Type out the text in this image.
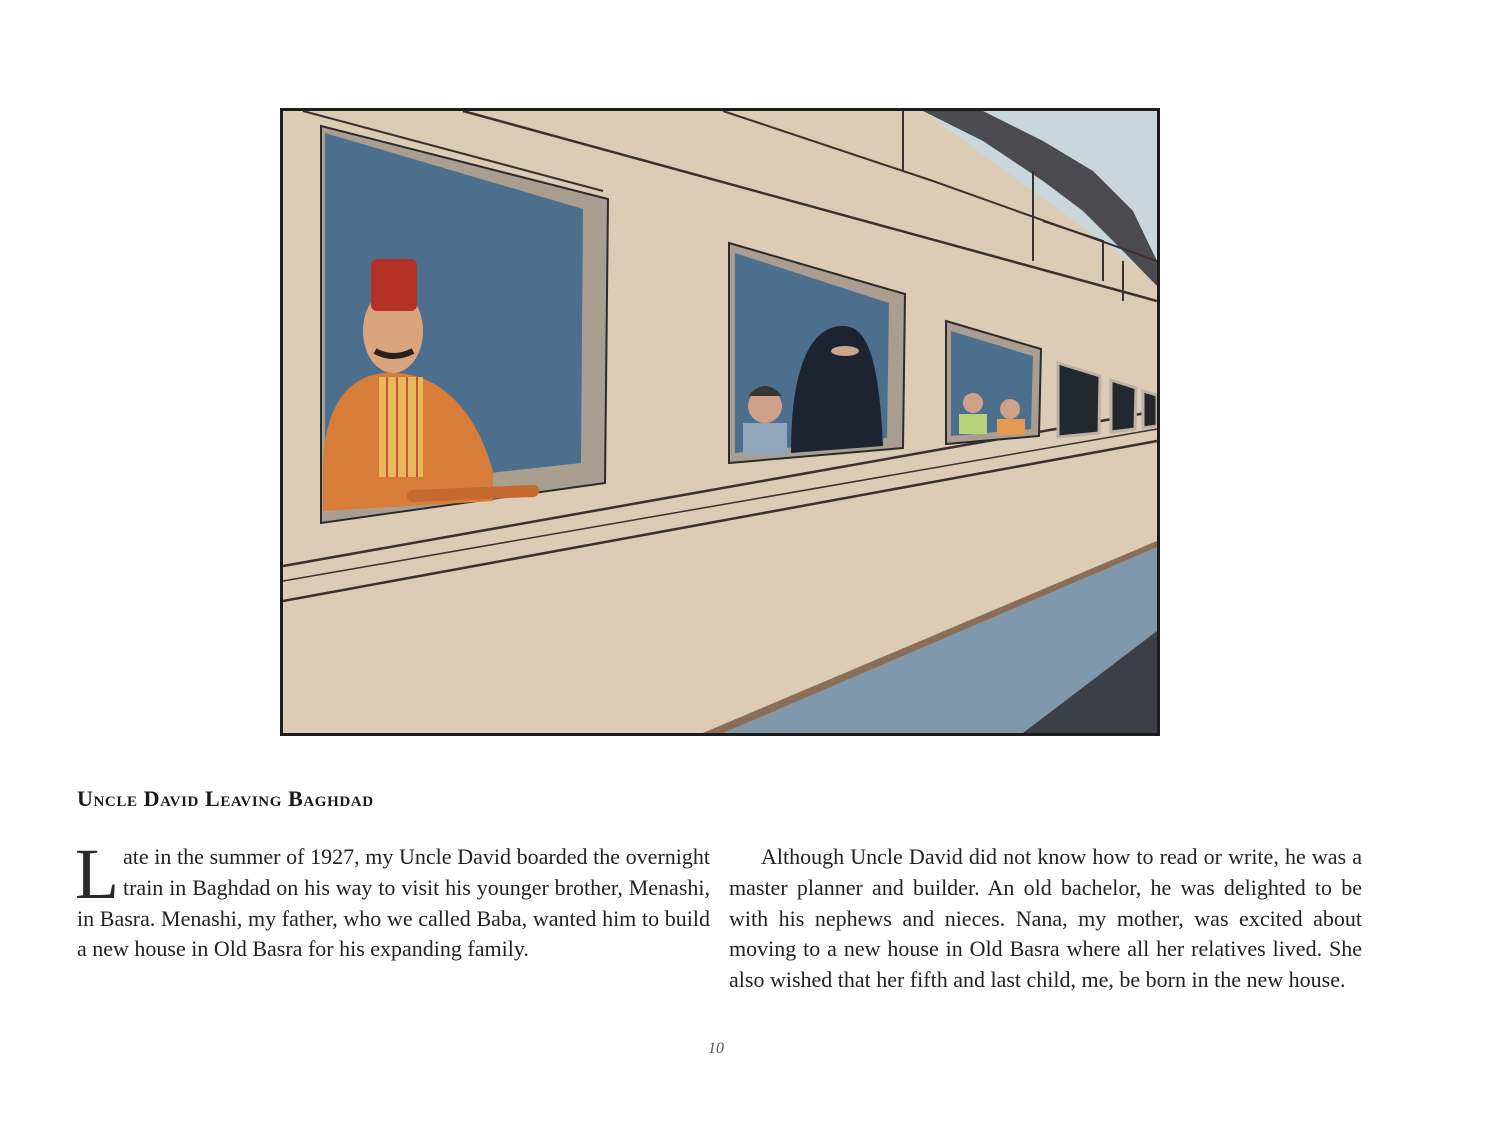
Uncle David Leaving Baghdad

Late in the summer of 1927, my Uncle David boarded the overnight train in Baghdad on his way to visit his younger brother, Menashi, in Basra. Menashi, my father, who we called Baba, wanted him to build a new house in Old Basra for his expanding family.

Although Uncle David did not know how to read or write, he was a master planner and builder. An old bachelor, he was delighted to be with his nephews and nieces. Nana, my mother, was excited about moving to a new house in Old Basra where all her relatives lived. She also wished that her fifth and last child, me, be born in the new house.

10
